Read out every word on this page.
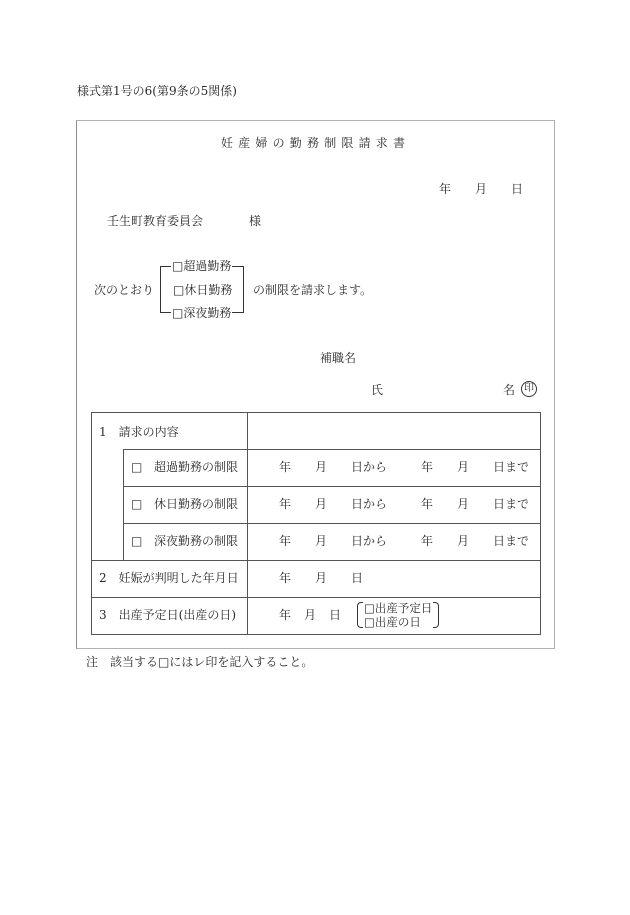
様式第1号の6(第9条の5関係)
妊産婦の勤務制限請求書
年 月 日
壬生町教育委員会	様
次のとおり
□超過勤務
□休日勤務
□深夜勤務
の制限を請求します。
補職名
氏	名 印
1　請求の内容
□ 超過勤務の制限	年 月 日から	年 月 日まで
□ 休日勤務の制限	年 月 日から	年 月 日まで
□ 深夜勤務の制限	年 月 日から	年 月 日まで
2　妊娠が判明した年月日	年 月 日
3　出産予定日(出産の日)	年 月 日 □出産予定日
□出産の日
注　該当する□にはレ印を記入すること。
